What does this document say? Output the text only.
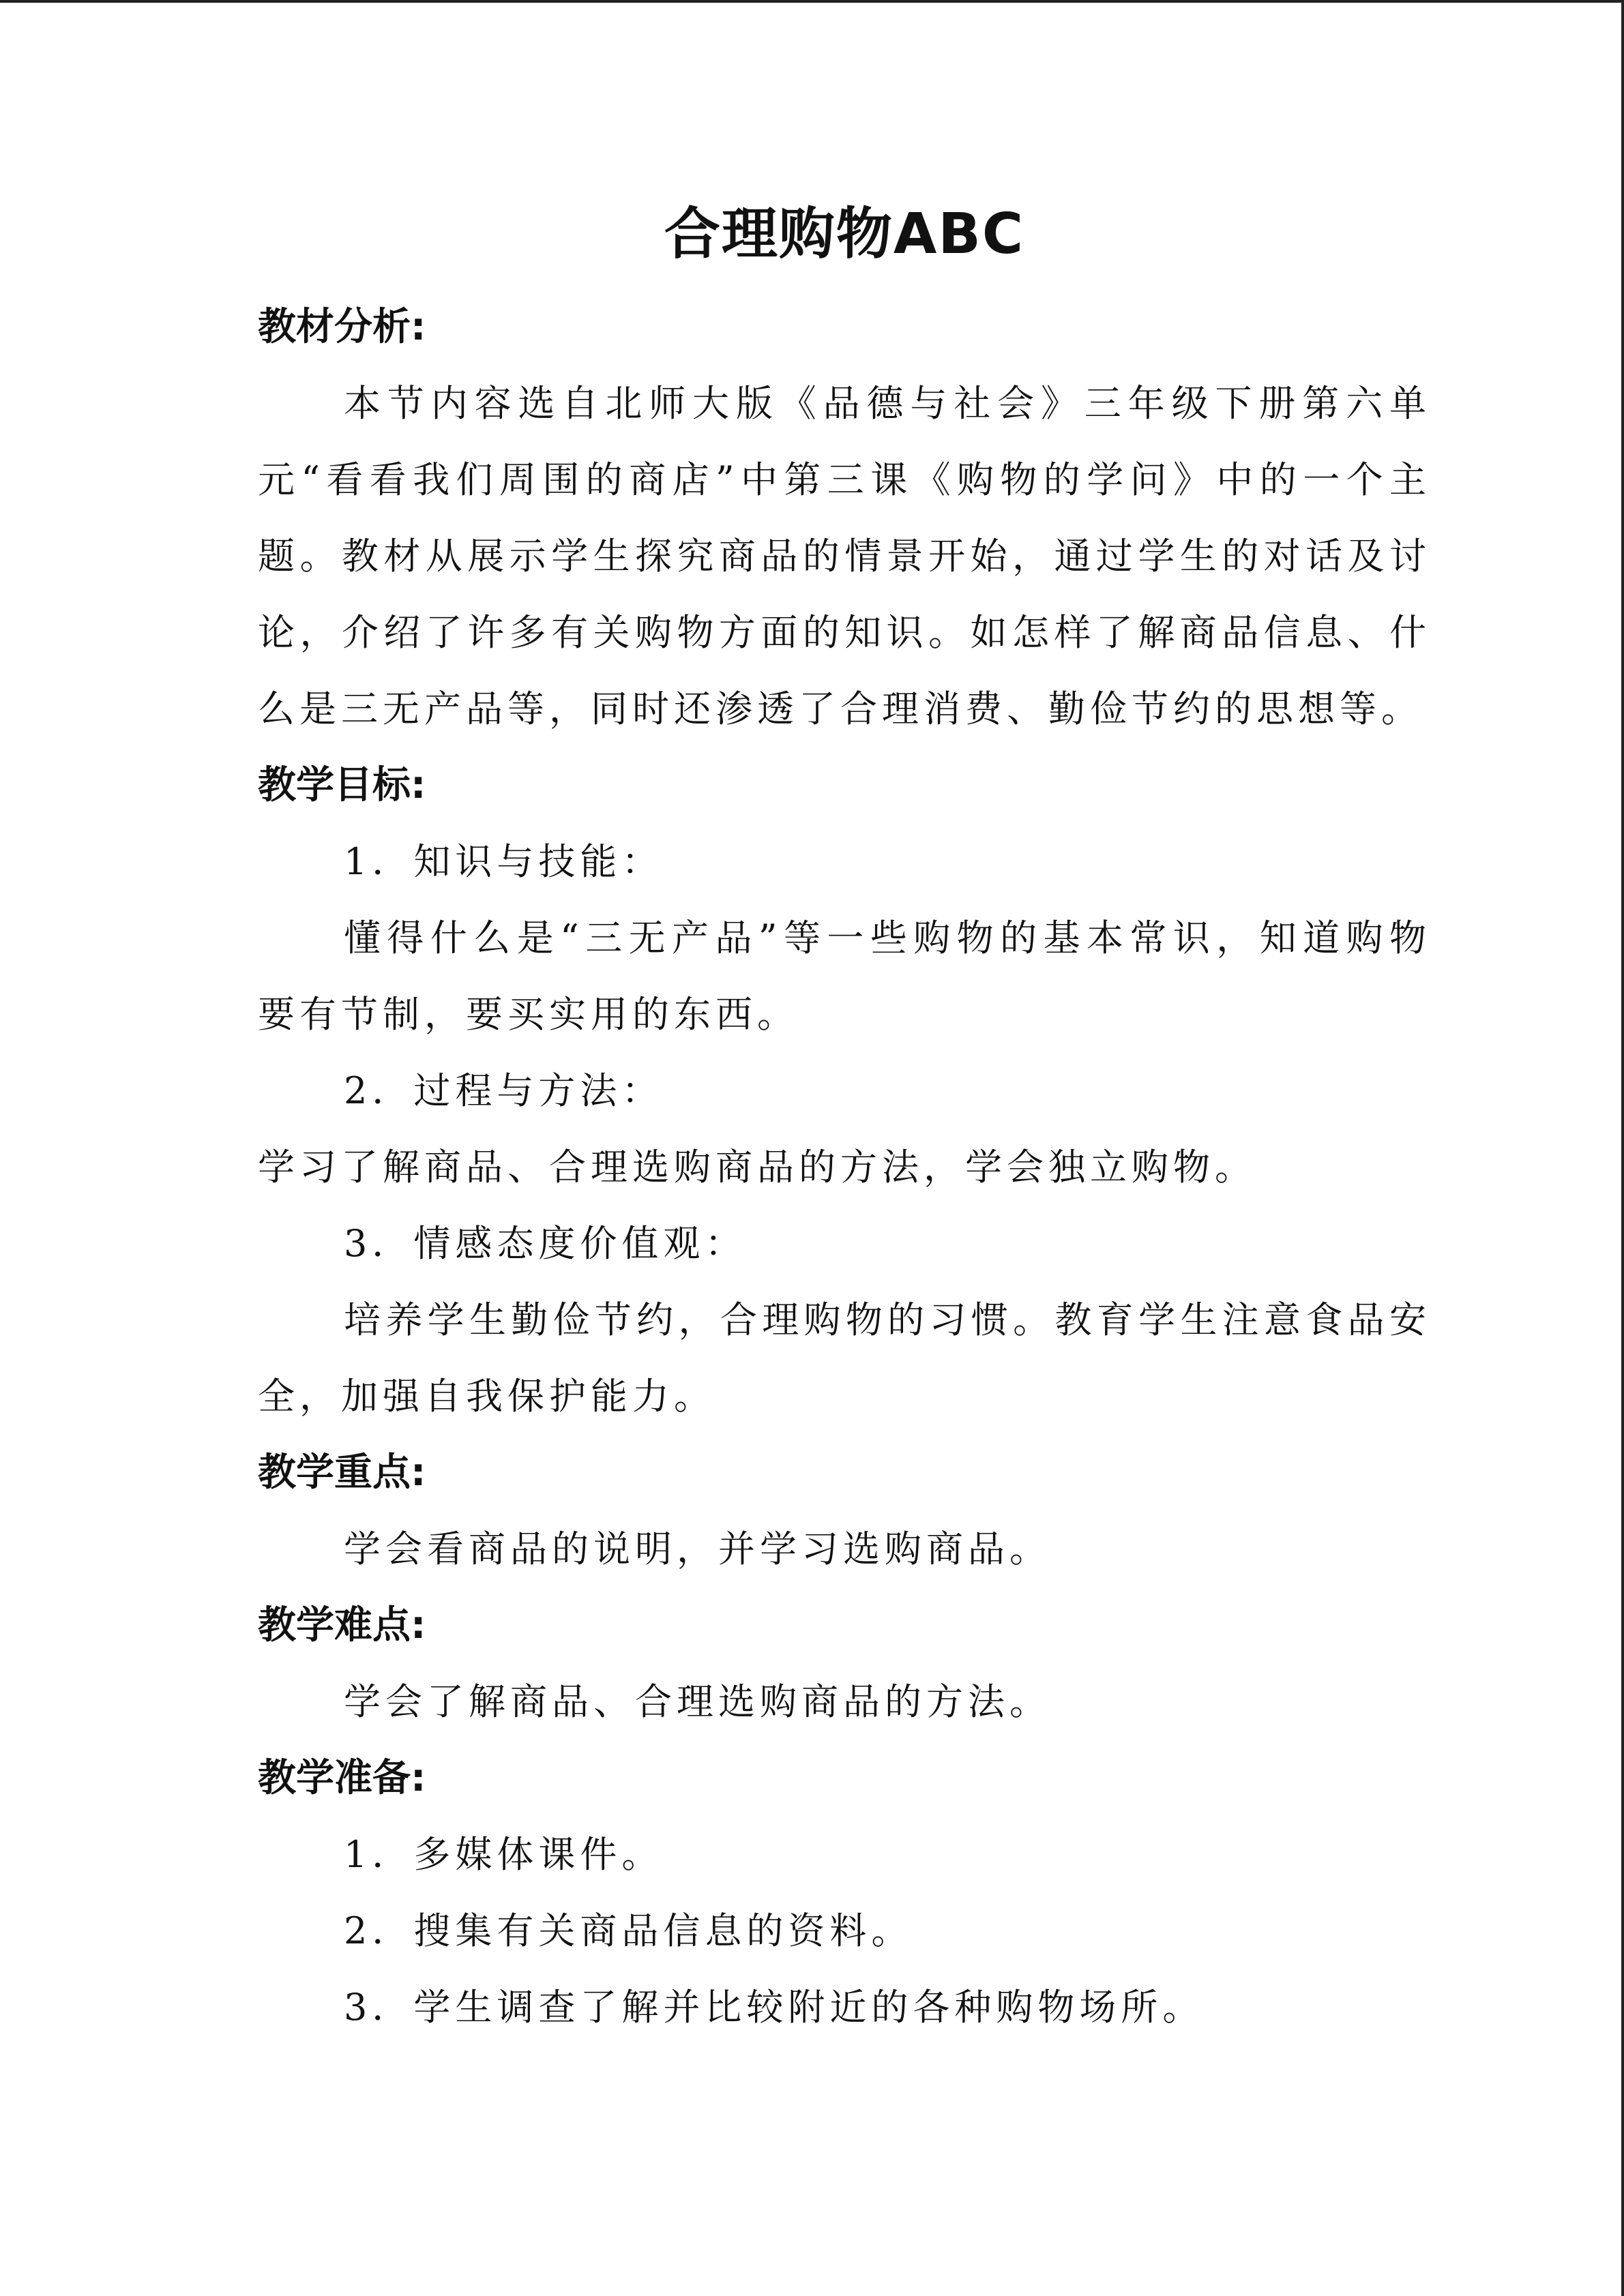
合理购物ABC

教材分析:

本节内容选自北师大版《品德与社会》三年级下册第六单元“看看我们周围的商店”中第三课《购物的学问》中的一个主题。教材从展示学生探究商品的情景开始，通过学生的对话及讨论，介绍了许多有关购物方面的知识。如怎样了解商品信息、什么是三无产品等，同时还渗透了合理消费、勤俭节约的思想等。

教学目标:

1．知识与技能：

懂得什么是“三无产品”等一些购物的基本常识，知道购物要有节制，要买实用的东西。

2．过程与方法：

学习了解商品、合理选购商品的方法，学会独立购物。

3．情感态度价值观：

培养学生勤俭节约，合理购物的习惯。教育学生注意食品安全，加强自我保护能力。

教学重点:

学会看商品的说明，并学习选购商品。

教学难点:

学会了解商品、合理选购商品的方法。

教学准备:

1．多媒体课件。

2．搜集有关商品信息的资料。

3．学生调查了解并比较附近的各种购物场所。
